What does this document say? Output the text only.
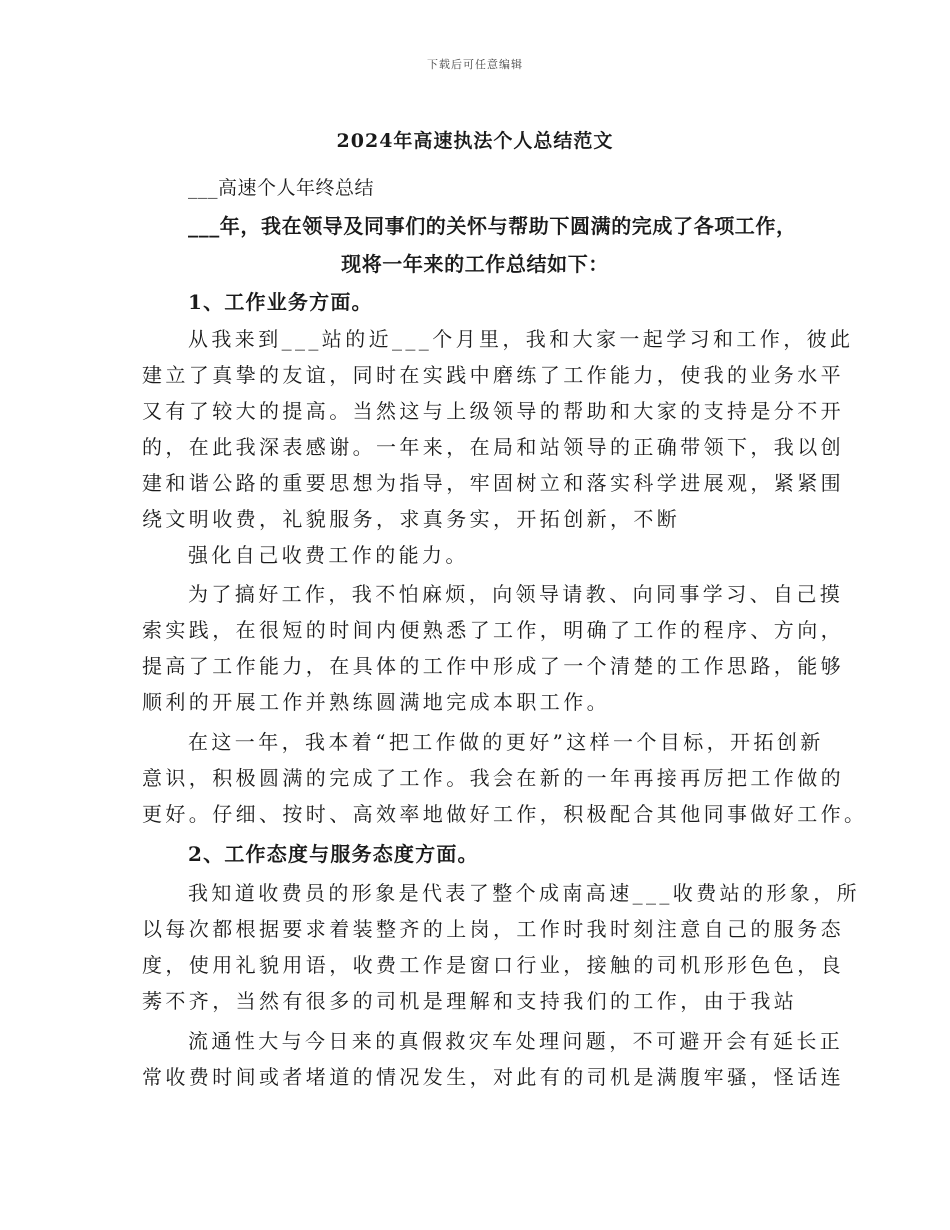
下载后可任意编辑
2024年高速执法个人总结范文
___高速个人年终总结
___年，我在领导及同事们的关怀与帮助下圆满的完成了各项工作，
现将一年来的工作总结如下：
1、工作业务方面。
从我来到___站的近___个月里，我和大家一起学习和工作，彼此
建立了真挚的友谊，同时在实践中磨练了工作能力，使我的业务水平
又有了较大的提高。当然这与上级领导的帮助和大家的支持是分不开
的，在此我深表感谢。一年来，在局和站领导的正确带领下，我以创
建和谐公路的重要思想为指导，牢固树立和落实科学进展观，紧紧围
绕文明收费，礼貌服务，求真务实，开拓创新，不断
强化自己收费工作的能力。
为了搞好工作，我不怕麻烦，向领导请教、向同事学习、自己摸
索实践，在很短的时间内便熟悉了工作，明确了工作的程序、方向，
提高了工作能力，在具体的工作中形成了一个清楚的工作思路，能够
顺利的开展工作并熟练圆满地完成本职工作。
在这一年，我本着“把工作做的更好”这样一个目标，开拓创新
意识，积极圆满的完成了工作。我会在新的一年再接再厉把工作做的
更好。仔细、按时、高效率地做好工作，积极配合其他同事做好工作。
2、工作态度与服务态度方面。
我知道收费员的形象是代表了整个成南高速___收费站的形象，所
以每次都根据要求着装整齐的上岗，工作时我时刻注意自己的服务态
度，使用礼貌用语，收费工作是窗口行业，接触的司机形形色色，良
莠不齐，当然有很多的司机是理解和支持我们的工作，由于我站
流通性大与今日来的真假救灾车处理问题，不可避开会有延长正
常收费时间或者堵道的情况发生，对此有的司机是满腹牢骚，怪话连
